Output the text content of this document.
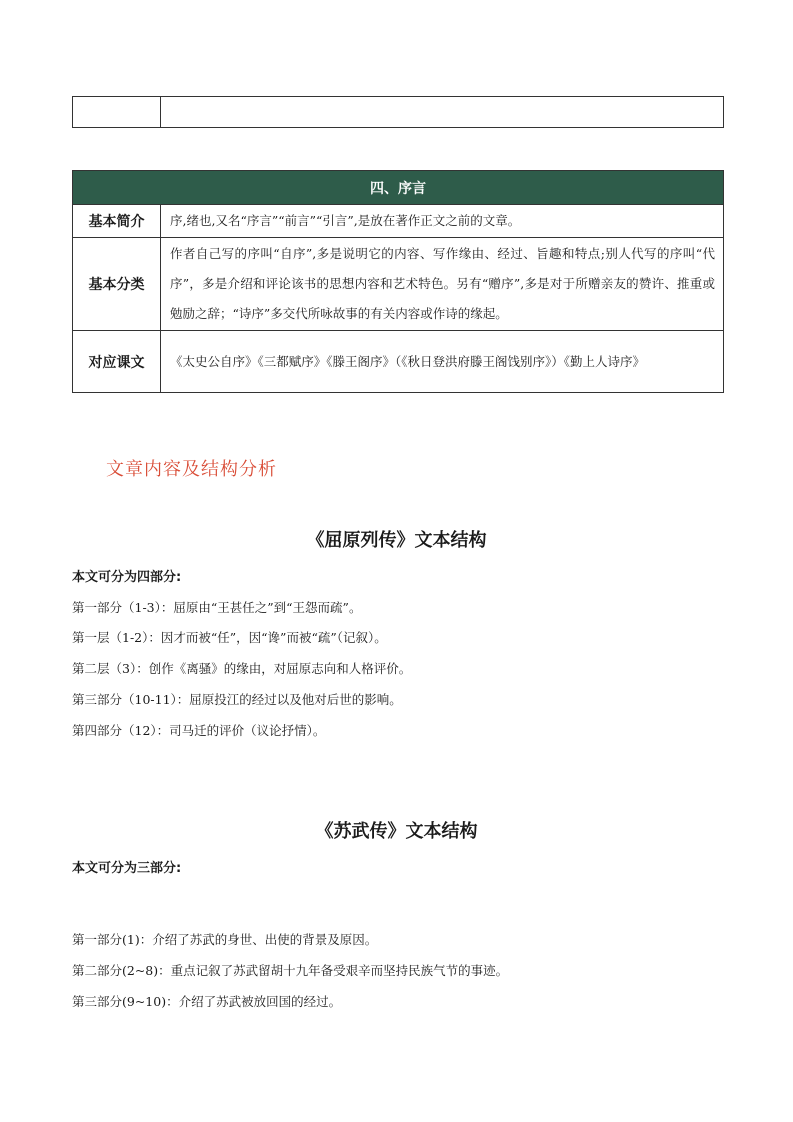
四、序言	
基本简介	序,绪也,又名“序言”“前言”“引言”,是放在著作正文之前的文章。
基本分类	作者自己写的序叫“自序”,多是说明它的内容、写作缘由、经过、旨趣和特点;别人代写的序叫“代序”，多是介绍和评论该书的思想内容和艺术特色。另有“赠序”,多是对于所赠亲友的赞许、推重或勉励之辞；“诗序”多交代所咏故事的有关内容或作诗的缘起。
对应课文	《太史公自序》《三都赋序》《滕王阁序》（《秋日登洪府滕王阁饯别序》）《勤上人诗序》
文章内容及结构分析
《屈原列传》文本结构
本文可分为四部分:
第一部分（1-3）：屈原由“王甚任之”到“王怨而疏”。
第一层（1-2）：因才而被“任”，因“谗”而被“疏”（记叙）。
第二层（3）：创作《离骚》的缘由，对屈原志向和人格评价。
第三部分（10-11）：屈原投江的经过以及他对后世的影响。
第四部分（12）：司马迁的评价（议论抒情）。
《苏武传》文本结构
本文可分为三部分:
第一部分(1)：介绍了苏武的身世、出使的背景及原因。
第二部分(2~8)：重点记叙了苏武留胡十九年备受艰辛而坚持民族气节的事迹。
第三部分(9~10)：介绍了苏武被放回国的经过。
